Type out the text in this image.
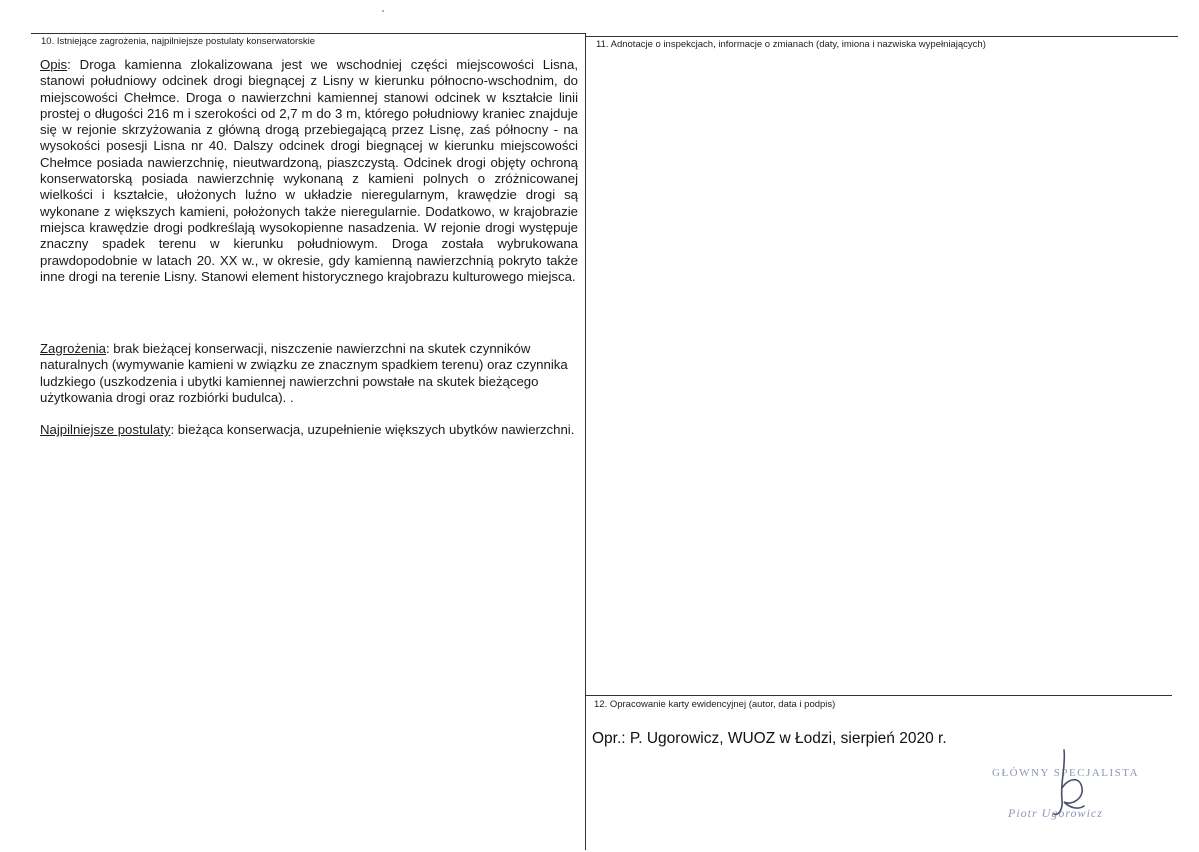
10. Istniejące zagrożenia, najpilniejsze postulaty konserwatorskie	11. Adnotacje o inspekcjach, informacje o zmianach (daty, imiona i nazwiska wypełniających)
12. Opracowanie karty ewidencyjnej (autor, data i podpis)

Opis: Droga kamienna zlokalizowana jest we wschodniej części miejscowości Lisna, stanowi południowy odcinek drogi biegnącej z Lisny w kierunku północno-wschodnim, do miejscowości Chełmce. Droga o nawierzchni kamiennej stanowi odcinek w kształcie linii prostej o długości 216 m i szerokości od 2,7 m do 3 m, którego południowy kraniec znajduje się w rejonie skrzyżowania z główną drogą przebiegającą przez Lisnę, zaś północny - na wysokości posesji Lisna nr 40. Dalszy odcinek drogi biegnącej w kierunku miejscowości Chełmce posiada nawierzchnię, nieutwardzoną, piaszczystą. Odcinek drogi objęty ochroną konserwatorską posiada nawierzchnię wykonaną z kamieni polnych o zróżnicowanej wielkości i kształcie, ułożonych luźno w układzie nieregularnym, krawędzie drogi są wykonane z większych kamieni, położonych także nieregularnie. Dodatkowo, w krajobrazie miejsca krawędzie drogi podkreślają wysokopienne nasadzenia. W rejonie drogi występuje znaczny spadek terenu w kierunku południowym. Droga została wybrukowana prawdopodobnie w latach 20. XX w., w okresie, gdy kamienną nawierzchnią pokryto także inne drogi na terenie Lisny. Stanowi element historycznego krajobrazu kulturowego miejsca.

Zagrożenia: brak bieżącej konserwacji, niszczenie nawierzchni na skutek czynników naturalnych (wymywanie kamieni w związku ze znacznym spadkiem terenu) oraz czynnika ludzkiego (uszkodzenia i ubytki kamiennej nawierzchni powstałe na skutek bieżącego użytkowania drogi oraz rozbiórki budulca). .

Najpilniejsze postulaty: bieżąca konserwacja, uzupełnienie większych ubytków nawierzchni.

Opr.: P. Ugorowicz, WUOZ w Łodzi, sierpień 2020 r.
GŁÓWNY SPECJALISTA
Piotr Ugorowicz
